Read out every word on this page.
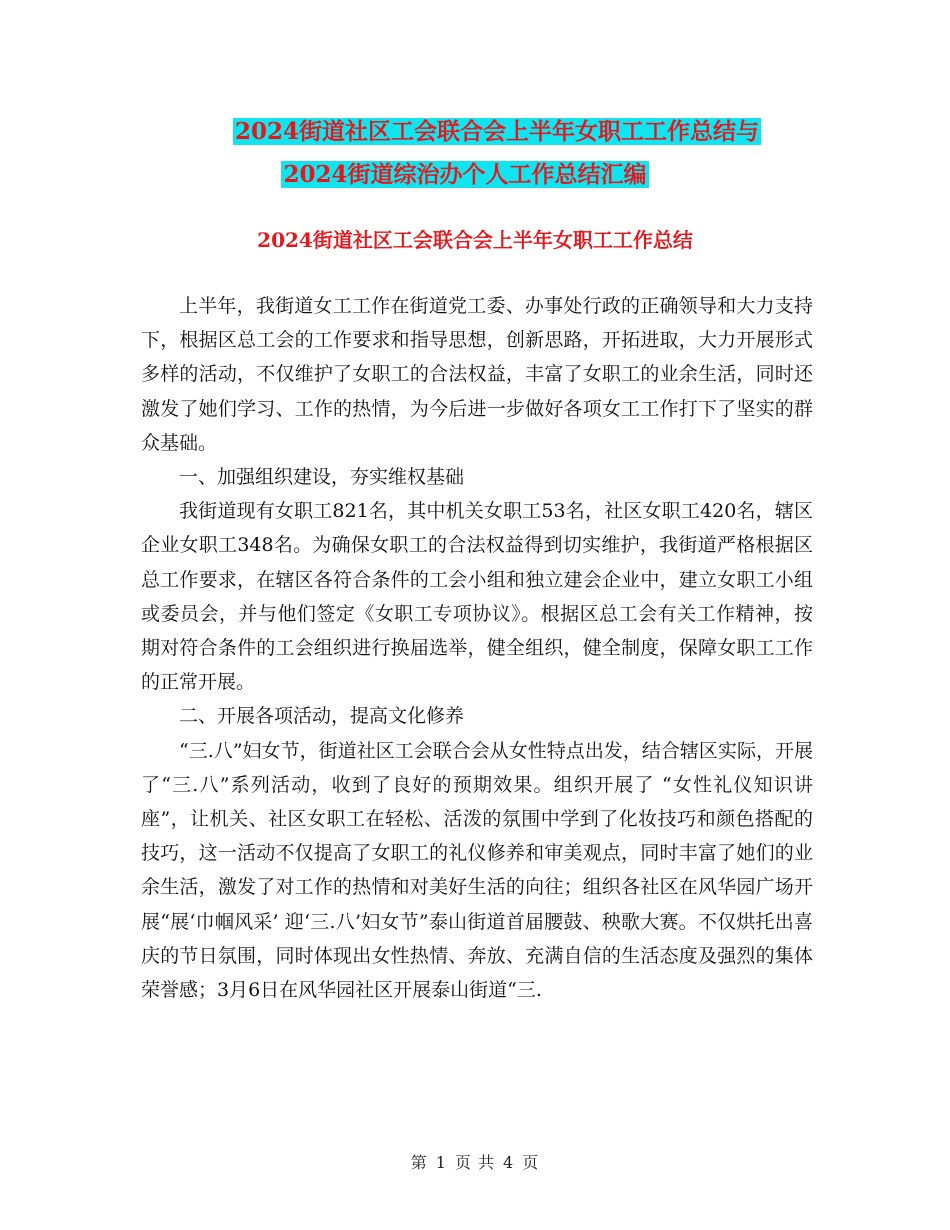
2024街道社区工会联合会上半年女职工工作总结与
2024街道综治办个人工作总结汇编
2024街道社区工会联合会上半年女职工工作总结

上半年，我街道女工工作在街道党工委、办事处行政的正确领导和大力支持下，根据区总工会的工作要求和指导思想，创新思路，开拓进取，大力开展形式多样的活动，不仅维护了女职工的合法权益，丰富了女职工的业余生活，同时还激发了她们学习、工作的热情，为今后进一步做好各项女工工作打下了坚实的群众基础。

一、加强组织建设，夯实维权基础

我街道现有女职工821名，其中机关女职工53名，社区女职工420名，辖区企业女职工348名。为确保女职工的合法权益得到切实维护，我街道严格根据区总工作要求，在辖区各符合条件的工会小组和独立建会企业中，建立女职工小组或委员会，并与他们签定《女职工专项协议》。根据区总工会有关工作精神，按期对符合条件的工会组织进行换届选举，健全组织，健全制度，保障女职工工作的正常开展。

二、开展各项活动，提高文化修养

“三.八”妇女节，街道社区工会联合会从女性特点出发，结合辖区实际，开展了“三.八”系列活动，收到了良好的预期效果。组织开展了 “女性礼仪知识讲座”，让机关、社区女职工在轻松、活泼的氛围中学到了化妆技巧和颜色搭配的技巧，这一活动不仅提高了女职工的礼仪修养和审美观点，同时丰富了她们的业余生活，激发了对工作的热情和对美好生活的向往；组织各社区在风华园广场开展“展‘巾帼风采’ 迎‘三.八’妇女节”泰山街道首届腰鼓、秧歌大赛。不仅烘托出喜庆的节日氛围，同时体现出女性热情、奔放、充满自信的生活态度及强烈的集体荣誉感；3月6日在风华园社区开展泰山街道“三.

第 1 页 共 4 页
